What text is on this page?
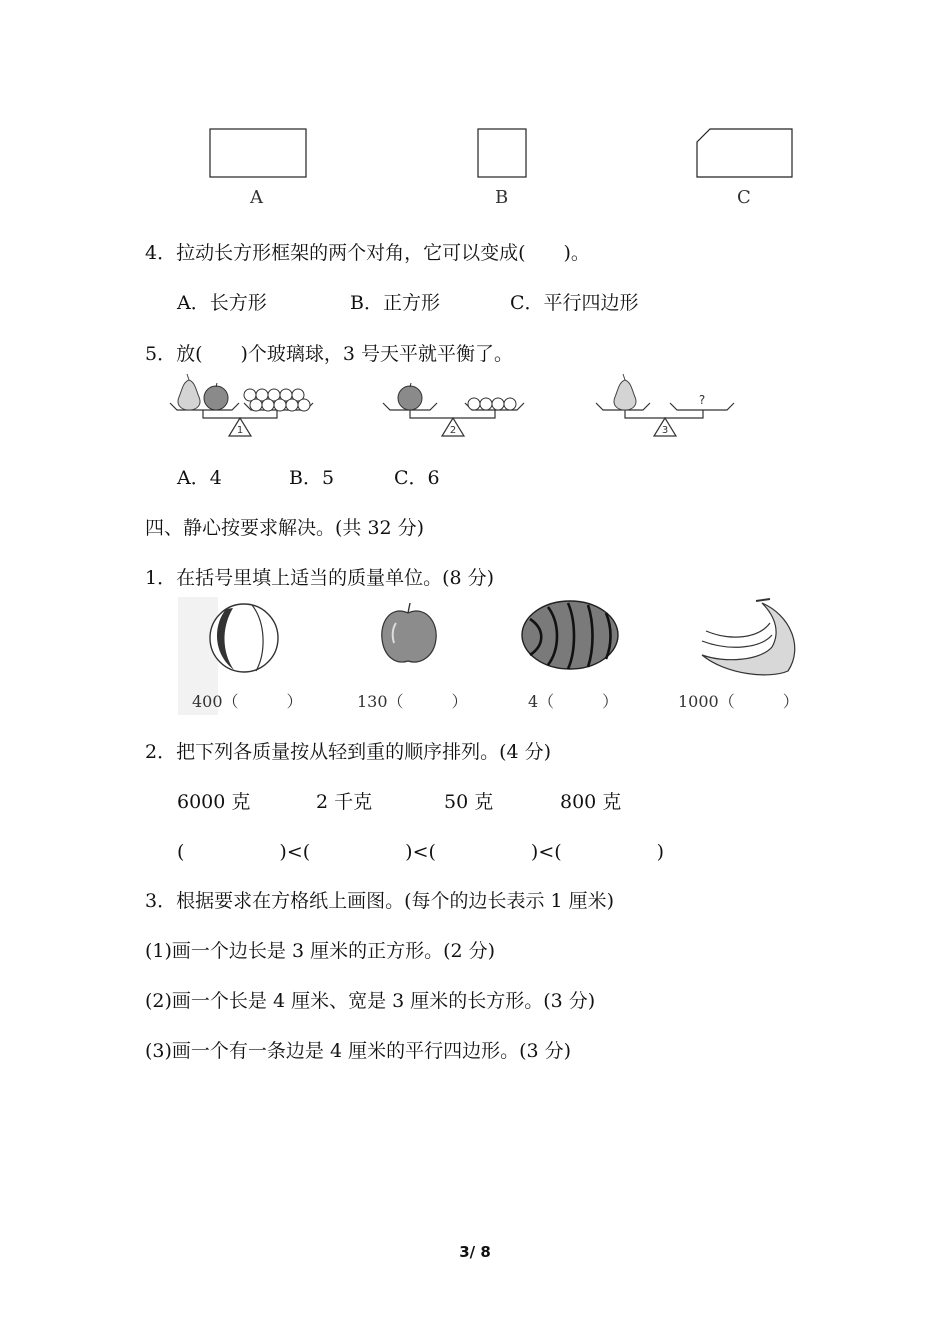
A	B	C
4．拉动长方形框架的两个对角，它可以变成(　　)。
A．长方形	B．正方形	C．平行四边形
5．放(　　)个玻璃球，3 号天平就平衡了。
1	2	3
?
A．4	B．5	C．6
四、静心按要求解决。(共 32 分)
1．在括号里填上适当的质量单位。(8 分)
400（　　　）	130（　　　）	4（　　　）	1000（　　　）
2．把下列各质量按从轻到重的顺序排列。(4 分)
6000 克	2 千克	50 克	800 克
(　　　　　)<(　　　　　)<(　　　　　)<(　　　　　)
3．根据要求在方格纸上画图。(每个的边长表示 1 厘米)
(1)画一个边长是 3 厘米的正方形。(2 分)
(2)画一个长是 4 厘米、宽是 3 厘米的长方形。(3 分)
(3)画一个有一条边是 4 厘米的平行四边形。(3 分)
3/ 8
